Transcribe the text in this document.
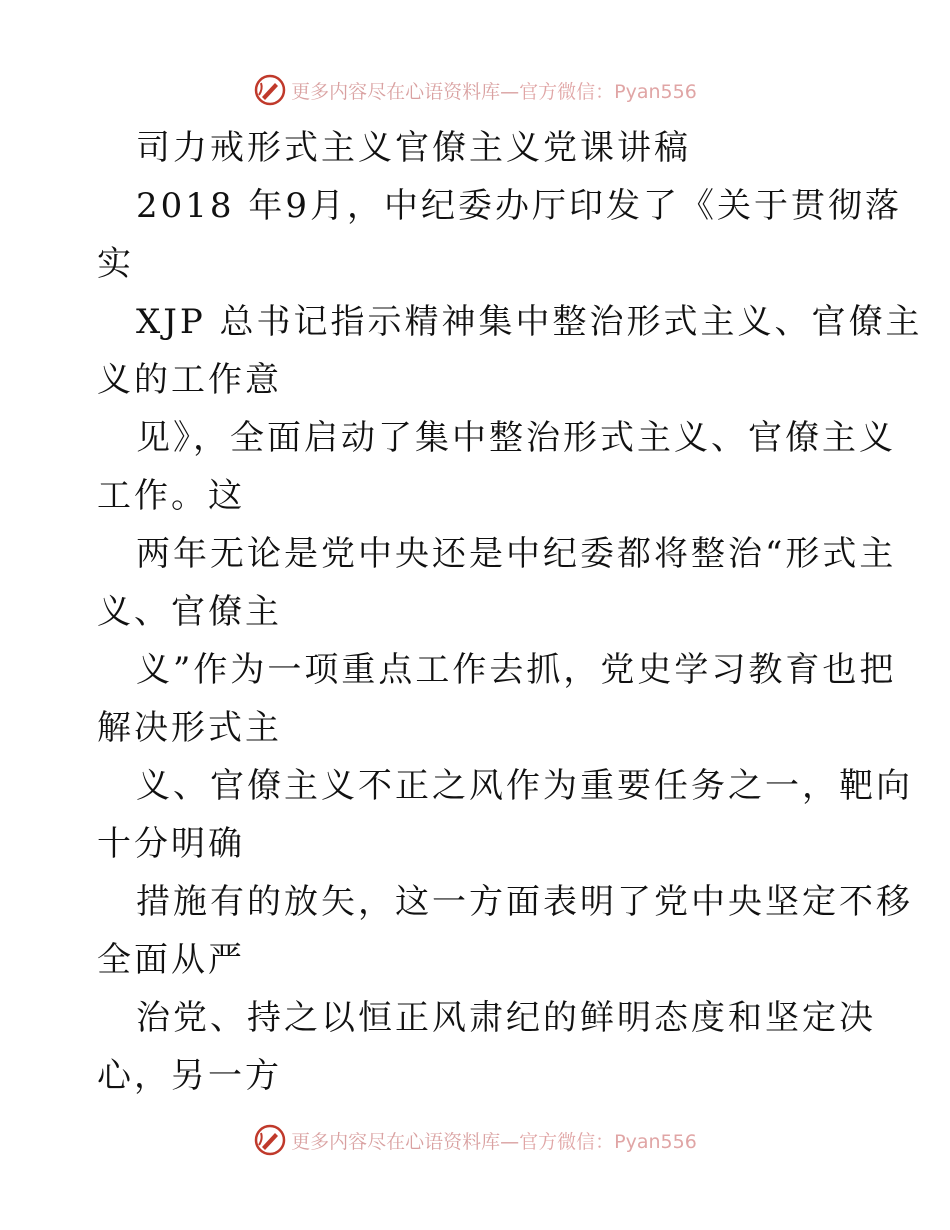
更多内容尽在心语资料库—官方微信：Pyan556
司力戒形式主义官僚主义党课讲稿
2018 年9月，中纪委办厅印发了《关于贯彻落
实
XJP 总书记指示精神集中整治形式主义、官僚主
义的工作意
见》，全面启动了集中整治形式主义、官僚主义
工作。这
两年无论是党中央还是中纪委都将整治“形式主
义、官僚主
义”作为一项重点工作去抓，党史学习教育也把
解决形式主
义、官僚主义不正之风作为重要任务之一，靶向
十分明确
措施有的放矢，这一方面表明了党中央坚定不移
全面从严
治党、持之以恒正风肃纪的鲜明态度和坚定决
心，另一方
更多内容尽在心语资料库—官方微信：Pyan556
